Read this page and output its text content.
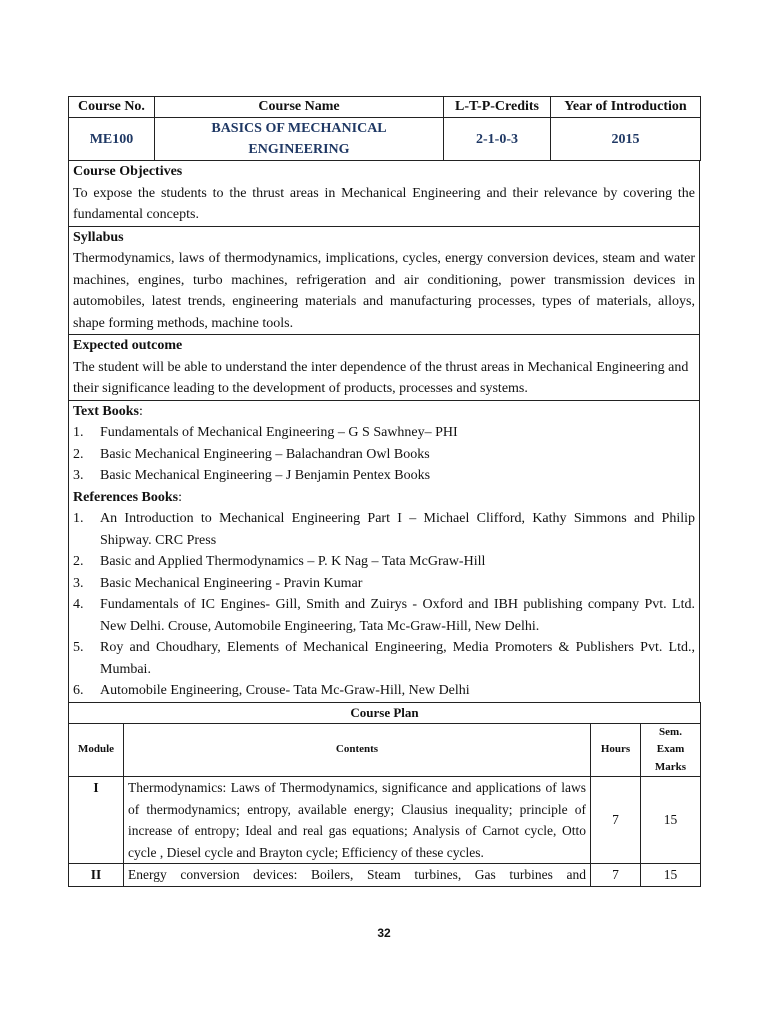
Course No.	Course Name	L-T-P-Credits	Year of Introduction
ME100	BASICS OF MECHANICAL ENGINEERING	2-1-0-3	2015
Course Objectives
To expose the students to the thrust areas in Mechanical Engineering and their relevance by covering the fundamental concepts.

Syllabus
Thermodynamics, laws of thermodynamics, implications, cycles, energy conversion devices, steam and water machines, engines, turbo machines, refrigeration and air conditioning, power transmission devices in automobiles, latest trends, engineering materials and manufacturing processes, types of materials, alloys, shape forming methods, machine tools.

Expected outcome
The student will be able to understand the inter dependence of the thrust areas in Mechanical Engineering and their significance leading to the development of products, processes and systems.

Text Books:
1. Fundamentals of Mechanical Engineering – G S Sawhney– PHI
2. Basic Mechanical Engineering – Balachandran Owl Books
3. Basic Mechanical Engineering – J Benjamin Pentex Books
References Books:
1. An Introduction to Mechanical Engineering Part I – Michael Clifford, Kathy Simmons and Philip Shipway. CRC Press
2. Basic and Applied Thermodynamics – P. K Nag – Tata McGraw-Hill
3. Basic Mechanical Engineering - Pravin Kumar
4. Fundamentals of IC Engines- Gill, Smith and Zuirys - Oxford and IBH publishing company Pvt. Ltd. New Delhi. Crouse, Automobile Engineering, Tata Mc-Graw-Hill, New Delhi.
5. Roy and Choudhary, Elements of Mechanical Engineering, Media Promoters & Publishers Pvt. Ltd., Mumbai.
6. Automobile Engineering, Crouse- Tata Mc-Graw-Hill, New Delhi
Course Plan			
Module	Contents	Hours	Sem. Exam Marks
I	Thermodynamics: Laws of Thermodynamics, significance and applications of laws of thermodynamics; entropy, available energy; Clausius inequality; principle of increase of entropy; Ideal and real gas equations; Analysis of Carnot cycle, Otto cycle , Diesel cycle and Brayton cycle; Efficiency of these cycles.	7	15
II	Energy conversion devices: Boilers, Steam turbines, Gas turbines and	7	15
32
